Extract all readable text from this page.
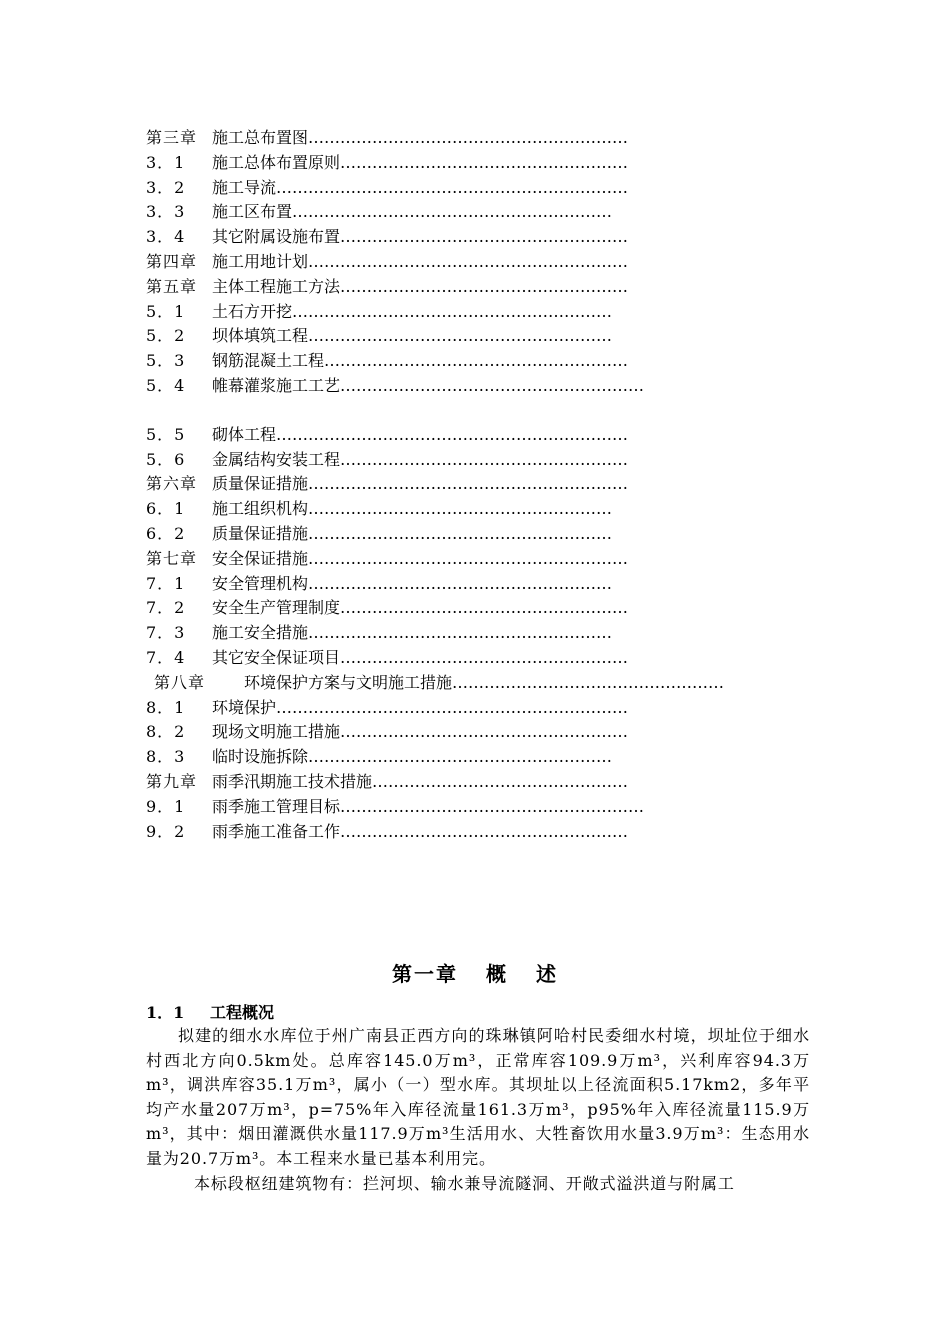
第三章 施工总布置图……………………………………………………
3．1 施工总体布置原则………………………………………………
3．2 施工导流…………………………………………………………
3．3 施工区布置……………………………………………………
3．4 其它附属设施布置………………………………………………
第四章 施工用地计划……………………………………………………
第五章 主体工程施工方法………………………………………………
5．1 土石方开挖……………………………………………………
5．2 坝体填筑工程…………………………………………………
5．3 钢筋混凝土工程…………………………………………………
5．4 帷幕灌浆施工工艺…………………………………………………
5．5 砌体工程…………………………………………………………
5．6 金属结构安装工程………………………………………………
第六章 质量保证措施……………………………………………………
6．1 施工组织机构…………………………………………………
6．2 质量保证措施…………………………………………………
第七章 安全保证措施……………………………………………………
7．1 安全管理机构…………………………………………………
7．2 安全生产管理制度………………………………………………
7．3 施工安全措施…………………………………………………
7．4 其它安全保证项目………………………………………………
第八章 环境保护方案与文明施工措施……………………………………………
8．1 环境保护…………………………………………………………
8．2 现场文明施工措施………………………………………………
8．3 临时设施拆除…………………………………………………
第九章 雨季汛期施工技术措施…………………………………………
9．1 雨季施工管理目标…………………………………………………
9．2 雨季施工准备工作………………………………………………
第一章 概 述
1．1 工程概况

拟建的细水水库位于州广南县正西方向的珠琳镇阿哈村民委细水村境，坝址位于细水村西北方向0.5km处。总库容145.0万m³，正常库容109.9万m³，兴利库容94.3万m³，调洪库容35.1万m³，属小（一）型水库。其坝址以上径流面积5.17km2，多年平均产水量207万m³，p=75%年入库径流量161.3万m³，p95%年入库径流量115.9万m³，其中：烟田灌溉供水量117.9万m³生活用水、大牲畜饮用水量3.9万m³：生态用水量为20.7万m³。本工程来水量已基本利用完。

本标段枢纽建筑物有：拦河坝、输水兼导流隧洞、开敞式溢洪道与附属工
